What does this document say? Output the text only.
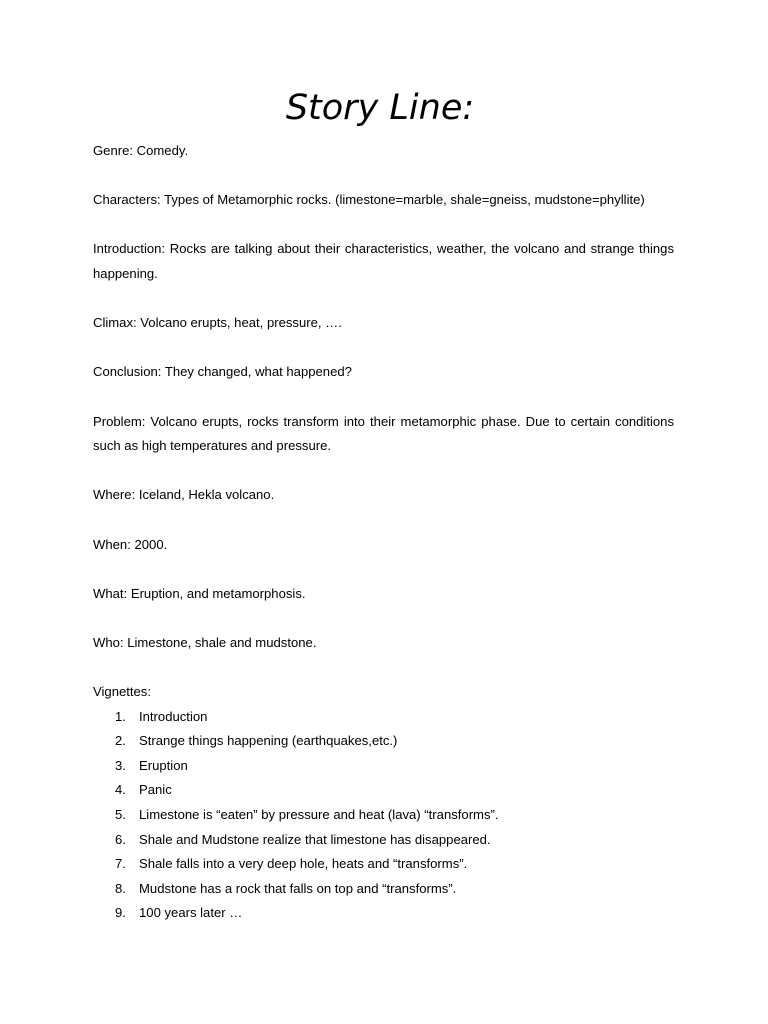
Story Line:

Genre: Comedy.

Characters: Types of Metamorphic rocks. (limestone=marble, shale=gneiss, mudstone=phyllite)

Introduction: Rocks are talking about their characteristics, weather, the volcano and strange things happening.

Climax: Volcano erupts, heat, pressure, ….

Conclusion: They changed, what happened?

Problem: Volcano erupts, rocks transform into their metamorphic phase. Due to certain conditions such as high temperatures and pressure.

Where: Iceland, Hekla volcano.

When: 2000.

What: Eruption, and metamorphosis.

Who: Limestone, shale and mudstone.

Vignettes:

1. Introduction
2. Strange things happening (earthquakes,etc.)
3. Eruption
4. Panic
5. Limestone is “eaten” by pressure and heat (lava) “transforms”.
6. Shale and Mudstone realize that limestone has disappeared.
7. Shale falls into a very deep hole, heats and “transforms”.
8. Mudstone has a rock that falls on top and “transforms”.
9. 100 years later …
